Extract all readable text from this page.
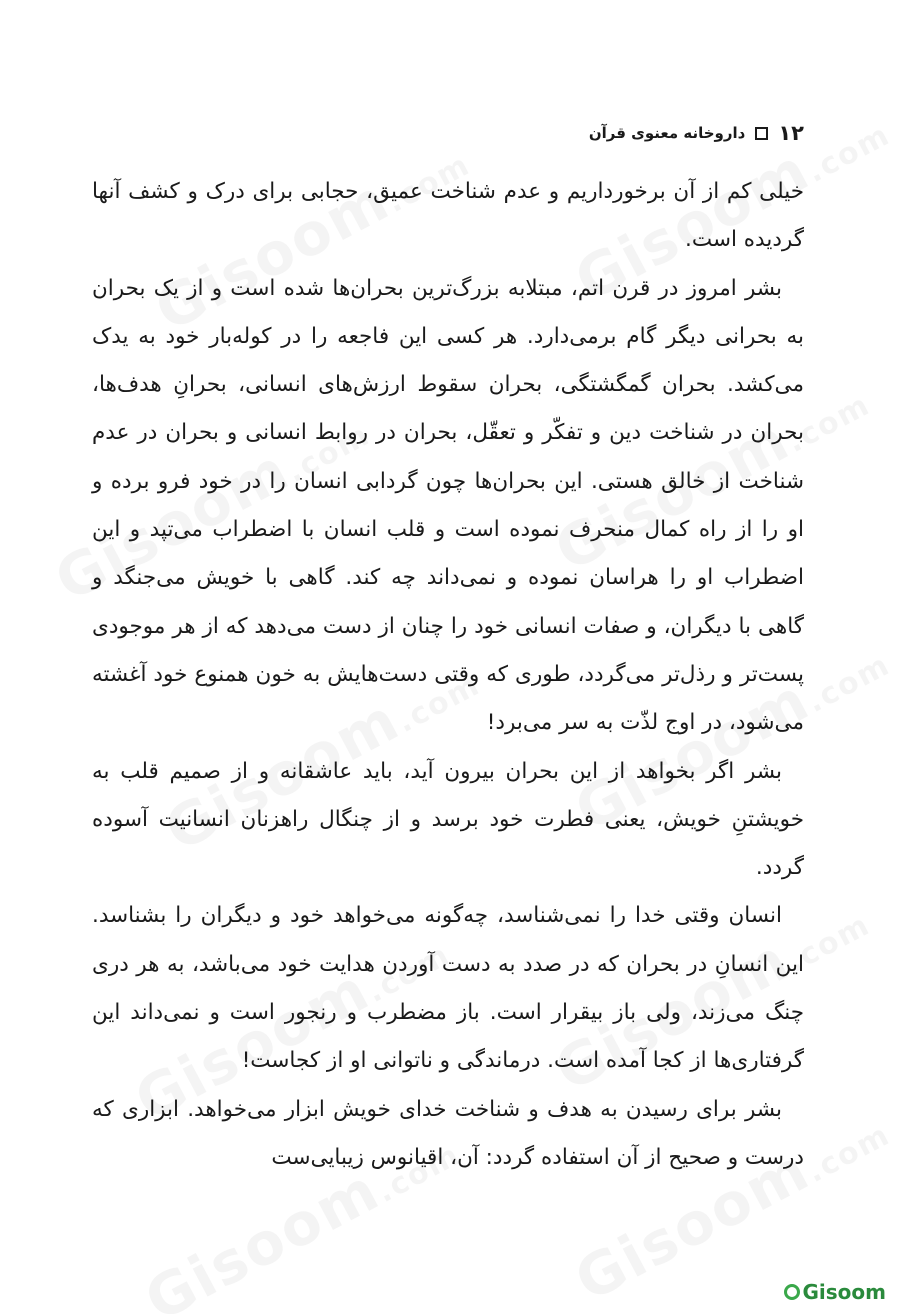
۱۲
داروخانه معنوی قرآن

خیلی کم از آن برخورداریم و عدم شناخت عمیق، حجابی برای درک و کشف آنها گردیده است.

بشر امروز در قرن اتم، مبتلابه بزرگ‌ترین بحران‌ها شده است و از یک بحران به بحرانی دیگر گام برمی‌دارد. هر کسی این فاجعه را در کوله‌بار خود به یدک می‌کشد. بحران گمگشتگی، بحران سقوط ارزش‌های انسانی، بحرانِ هدف‌ها، بحران در شناخت دین و تفکّر و تعقّل، بحران در روابط انسانی و بحران در عدم شناخت از خالق هستی. این بحران‌ها چون گردابی انسان را در خود فرو برده و او را از راه کمال منحرف نموده است و قلب انسان با اضطراب می‌تپد و این اضطراب او را هراسان نموده و نمی‌داند چه کند. گاهی با خویش می‌جنگد و گاهی با دیگران، و صفات انسانی خود را چنان از دست می‌دهد که از هر موجودی پست‌تر و رذل‌تر می‌گردد، طوری که وقتی دست‌هایش به خون همنوع خود آغشته می‌شود، در اوج لذّت به سر می‌برد!

بشر اگر بخواهد از این بحران بیرون آید، باید عاشقانه و از صمیم قلب به خویشتنِ خویش، یعنی فطرت خود برسد و از چنگال راهزنان انسانیت آسوده گردد.

انسان وقتی خدا را نمی‌شناسد، چه‌گونه می‌خواهد خود و دیگران را بشناسد. این انسانِ در بحران که در صدد به دست آوردن هدایت خود می‌باشد، به هر دری چنگ می‌زند، ولی باز بیقرار است. باز مضطرب و رنجور است و نمی‌داند این گرفتاری‌ها از کجا آمده است. درماندگی و ناتوانی او از کجاست!

بشر برای رسیدن به هدف و شناخت خدای خویش ابزار می‌خواهد. ابزاری که درست و صحیح از آن استفاده گردد: آن، اقیانوس زیبایی‌ست

Gisoom
